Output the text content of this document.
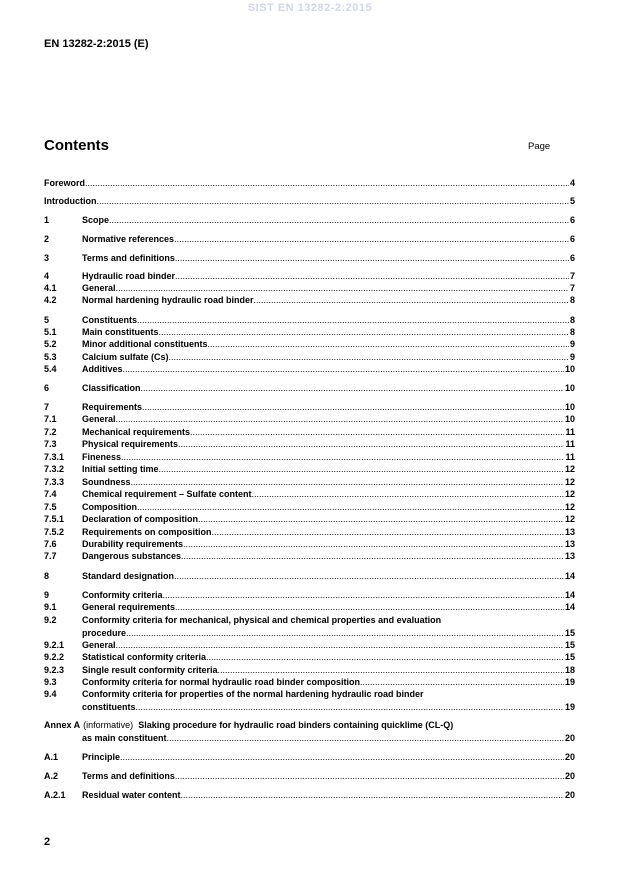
SIST EN 13282-2:2015
EN 13282-2:2015 (E)
Contents	Page
Foreword .....	4
Introduction .....	5
1	Scope .....	6
2	Normative references .....	6
3	Terms and definitions .....	6
4	Hydraulic road binder .....	7
4.1	General .....	7
4.2	Normal hardening hydraulic road binder .....	8
5	Constituents .....	8
5.1	Main constituents .....	8
5.2	Minor additional constituents .....	9
5.3	Calcium sulfate (Cs) .....	9
5.4	Additives .....	10
6	Classification .....	10
7	Requirements .....	10
7.1	General .....	10
7.2	Mechanical requirements .....	11
7.3	Physical requirements .....	11
7.3.1	Fineness .....	11
7.3.2	Initial setting time .....	12
7.3.3	Soundness .....	12
7.4	Chemical requirement – Sulfate content .....	12
7.5	Composition .....	12
7.5.1	Declaration of composition .....	12
7.5.2	Requirements on composition .....	13
7.6	Durability requirements .....	13
7.7	Dangerous substances .....	13
8	Standard designation .....	14
9	Conformity criteria .....	14
9.1	General requirements .....	14
9.2	Conformity criteria for mechanical, physical and chemical properties and evaluation
procedure .....	15
9.2.1	General .....	15
9.2.2	Statistical conformity criteria .....	15
9.2.3	Single result conformity criteria .....	18
9.3	Conformity criteria for normal hydraulic road binder composition .....	19
9.4	Conformity criteria for properties of the normal hardening hydraulic road binder
constituents .....	19
Annex A (informative) Slaking procedure for hydraulic road binders containing quicklime (CL-Q)
as main constituent .....	20
A.1	Principle .....	20
A.2	Terms and definitions .....	20
A.2.1	Residual water content .....	20
2
